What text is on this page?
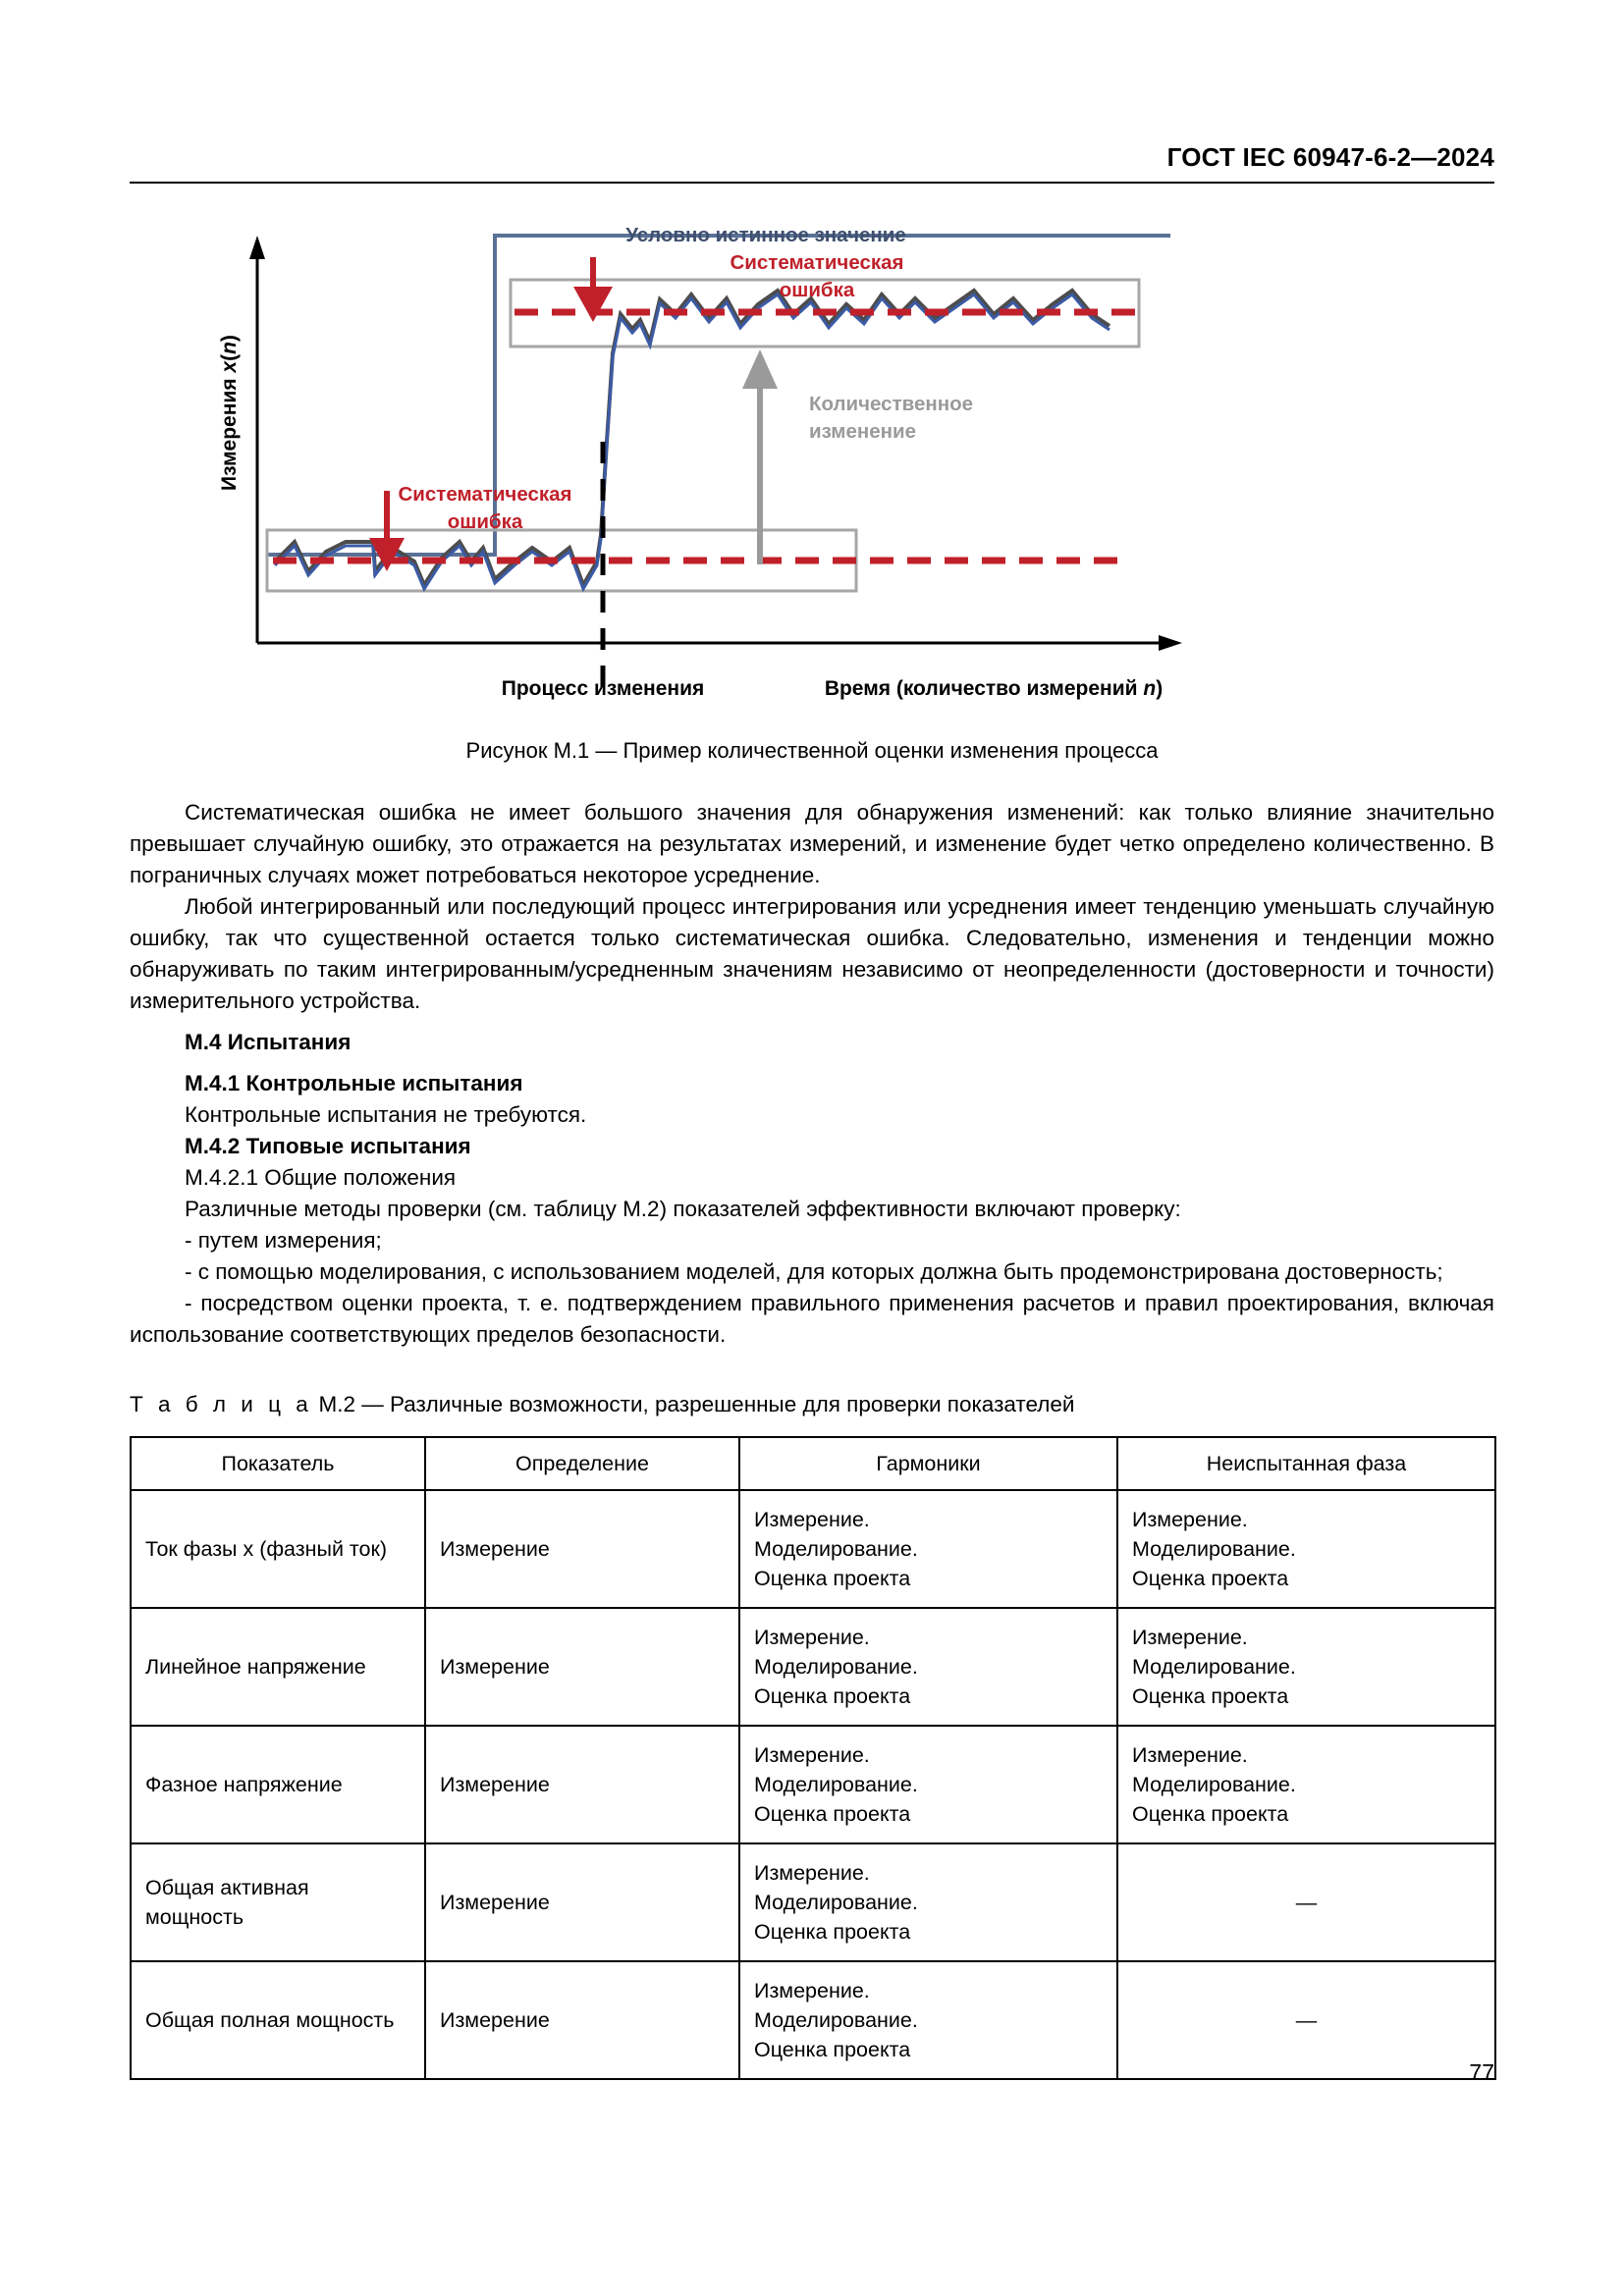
ГОСТ IEC 60947-6-2—2024
Условно истинное значение
Систематическая
ошибка
Систематическая
ошибка
Количественное
изменение
Процесс изменения	Время (количество измерений n)
Измерения x(n)
Рисунок М.1 — Пример количественной оценки изменения процесса

Систематическая ошибка не имеет большого значения для обнаружения изменений: как только влияние значительно превышает случайную ошибку, это отражается на результатах измерений, и изменение будет четко определено количественно. В пограничных случаях может потребоваться некоторое усреднение.

Любой интегрированный или последующий процесс интегрирования или усреднения имеет тенденцию уменьшать случайную ошибку, так что существенной остается только систематическая ошибка. Следовательно, изменения и тенденции можно обнаруживать по таким интегрированным/усредненным значениям независимо от неопределенности (достоверности и точности) измерительного устройства.

М.4 Испытания
М.4.1 Контрольные испытания

Контрольные испытания не требуются.

М.4.2 Типовые испытания

М.4.2.1 Общие положения

Различные методы проверки (см. таблицу М.2) показателей эффективности включают проверку:

- путем измерения;

- с помощью моделирования, с использованием моделей, для которых должна быть продемонстрирована достоверность;

- посредством оценки проекта, т. е. подтверждением правильного применения расчетов и правил проектирования, включая использование соответствующих пределов безопасности.

Т а б л и ц а М.2 — Различные возможности, разрешенные для проверки показателей
Показатель	Определение	Гармоники	Неиспытанная фаза
Ток фазы x (фазный ток)	Измерение	Измерение.
Моделирование.
Оценка проекта	Измерение.
Моделирование.
Оценка проекта

Линейное напряжение	Измерение	Измерение.
Моделирование.
Оценка проекта	Измерение.
Моделирование.
Оценка проекта

Фазное напряжение	Измерение	Измерение.
Моделирование.
Оценка проекта	Измерение.
Моделирование.
Оценка проекта

Общая активная мощность	Измерение	Измерение.
Моделирование.
Оценка проекта	—
Общая полная мощность	Измерение	Измерение.
Моделирование.
Оценка проекта	—
77
